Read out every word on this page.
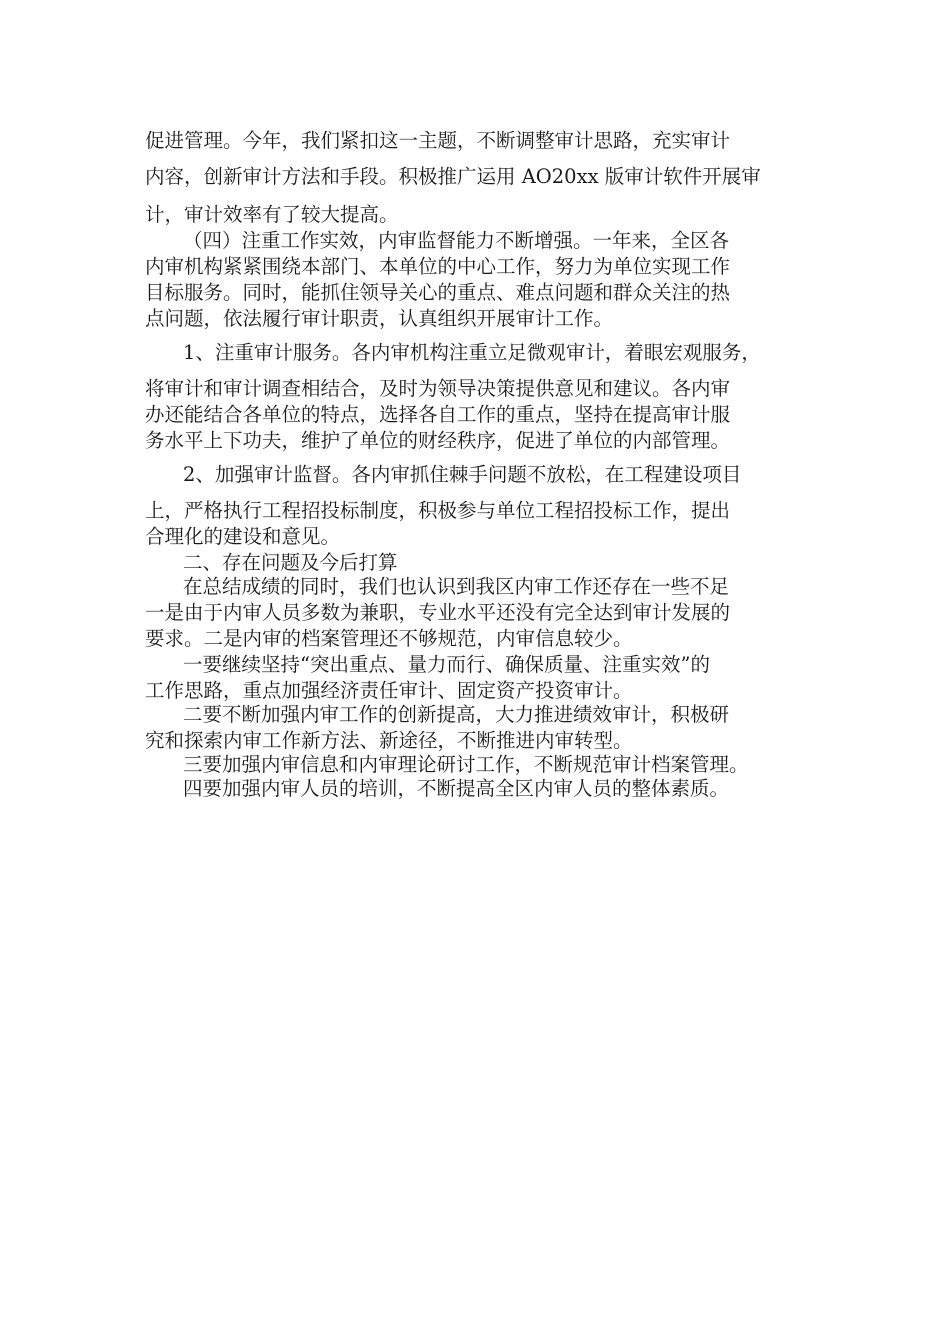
促进管理。今年，我们紧扣这一主题，不断调整审计思路，充实审计
内容，创新审计方法和手段。积极推广运用 AO20xx 版审计软件开展审
计，审计效率有了较大提高。
（四）注重工作实效，内审监督能力不断增强。一年来，全区各
内审机构紧紧围绕本部门、本单位的中心工作，努力为单位实现工作
目标服务。同时，能抓住领导关心的重点、难点问题和群众关注的热
点问题，依法履行审计职责，认真组织开展审计工作。
1、注重审计服务。各内审机构注重立足微观审计，着眼宏观服务，
将审计和审计调查相结合，及时为领导决策提供意见和建议。各内审
办还能结合各单位的特点，选择各自工作的重点，坚持在提高审计服
务水平上下功夫，维护了单位的财经秩序，促进了单位的内部管理。
2、加强审计监督。各内审抓住棘手问题不放松，在工程建设项目
上，严格执行工程招投标制度，积极参与单位工程招投标工作，提出
合理化的建设和意见。
二、存在问题及今后打算
在总结成绩的同时，我们也认识到我区内审工作还存在一些不足
一是由于内审人员多数为兼职，专业水平还没有完全达到审计发展的
要求。二是内审的档案管理还不够规范，内审信息较少。
一要继续坚持“突出重点、量力而行、确保质量、注重实效”的
工作思路，重点加强经济责任审计、固定资产投资审计。
二要不断加强内审工作的创新提高，大力推进绩效审计，积极研
究和探索内审工作新方法、新途径，不断推进内审转型。
三要加强内审信息和内审理论研讨工作，不断规范审计档案管理。
四要加强内审人员的培训，不断提高全区内审人员的整体素质。
